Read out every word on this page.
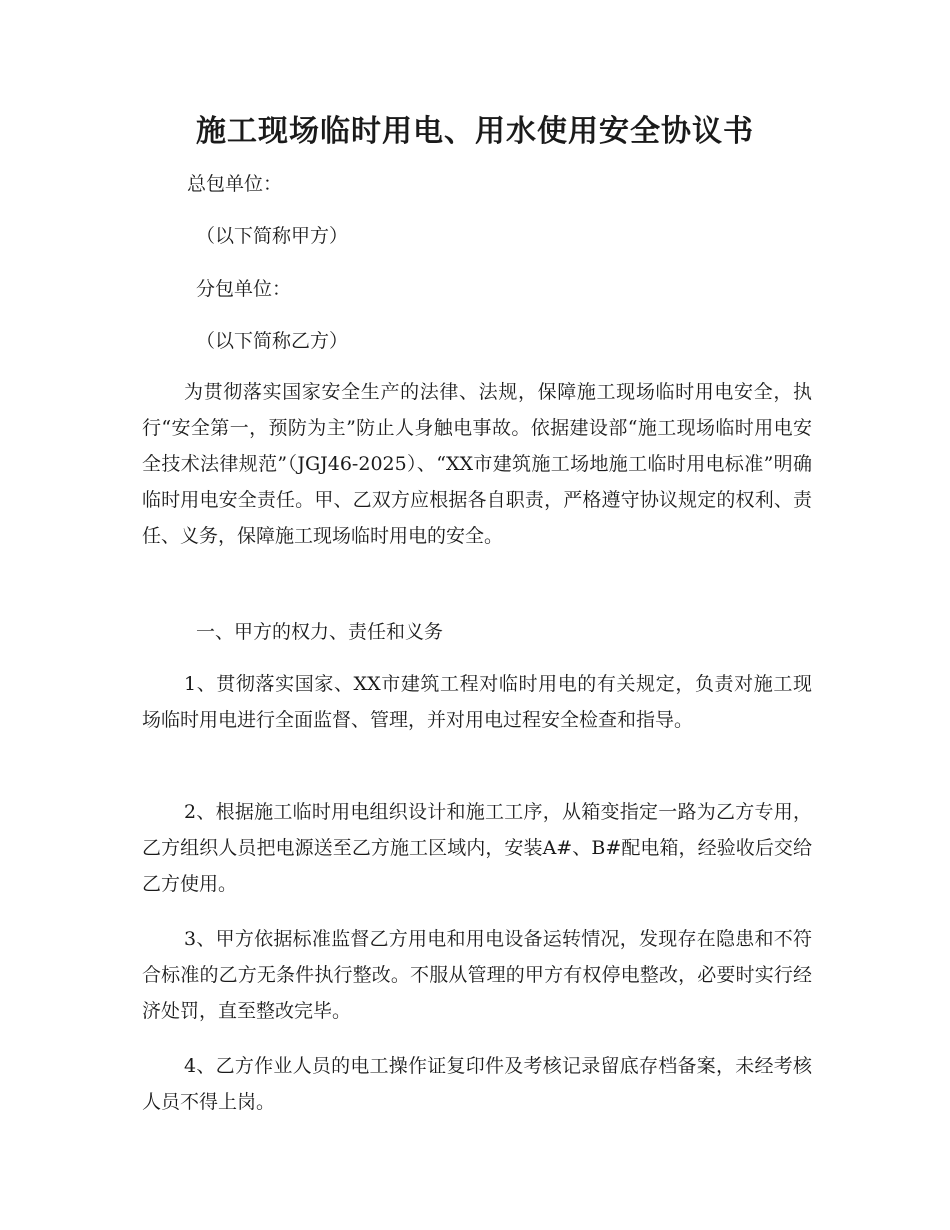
施工现场临时用电、用水使用安全协议书

总包单位：

（以下简称甲方）

分包单位：

（以下简称乙方）

为贯彻落实国家安全生产的法律、法规，保障施工现场临时用电安全，执行“安全第一，预防为主”防止人身触电事故。依据建设部“施工现场临时用电安全技术法律规范”（JGJ46-2025）、“XX市建筑施工场地施工临时用电标准”明确临时用电安全责任。甲、乙双方应根据各自职责，严格遵守协议规定的权利、责任、义务，保障施工现场临时用电的安全。

一、甲方的权力、责任和义务

1、贯彻落实国家、XX市建筑工程对临时用电的有关规定，负责对施工现场临时用电进行全面监督、管理，并对用电过程安全检查和指导。

2、根据施工临时用电组织设计和施工工序，从箱变指定一路为乙方专用，乙方组织人员把电源送至乙方施工区域内，安装A#、B#配电箱，经验收后交给乙方使用。

3、甲方依据标准监督乙方用电和用电设备运转情况，发现存在隐患和不符合标准的乙方无条件执行整改。不服从管理的甲方有权停电整改，必要时实行经济处罚，直至整改完毕。

4、乙方作业人员的电工操作证复印件及考核记录留底存档备案，未经考核人员不得上岗。
